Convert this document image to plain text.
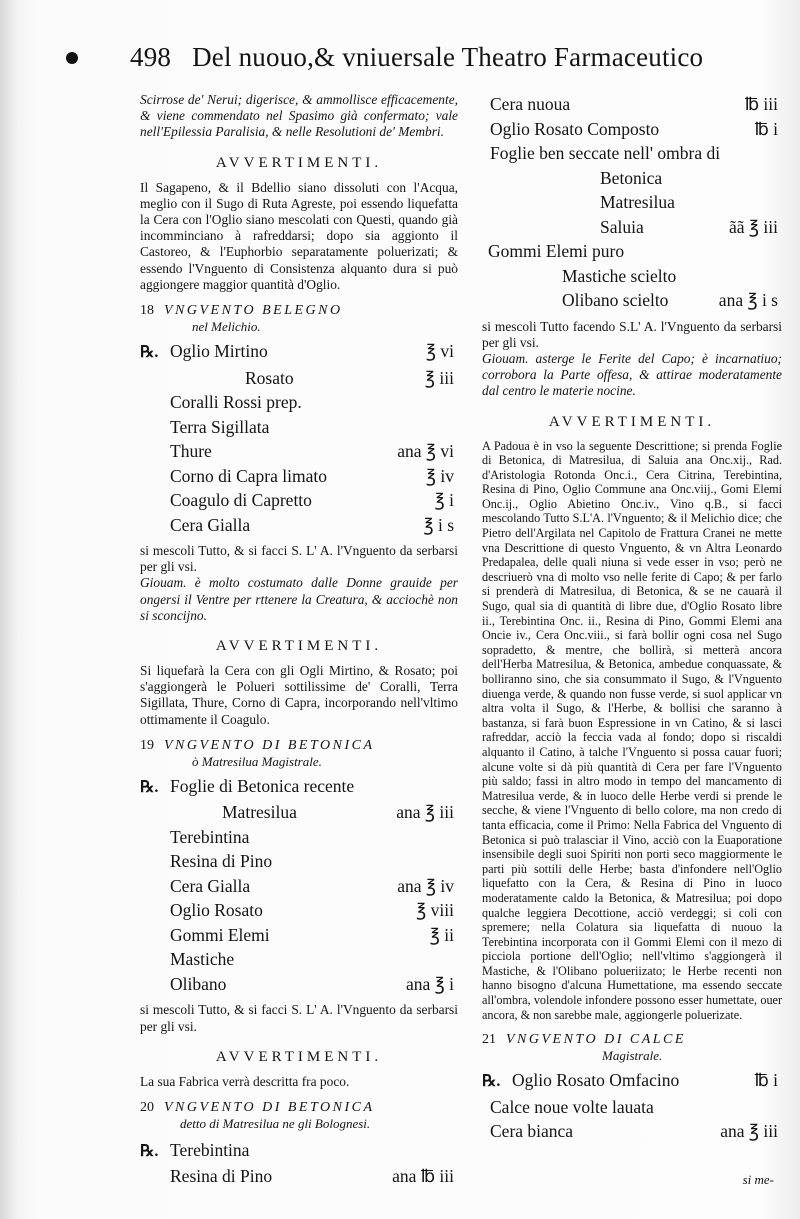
498 Del nuouo,& vniuersale Theatro Farmaceutico

Scirrose de' Nerui; digerisce, & ammollisce efficacemente, & viene commendato nel Spasimo già confermato; vale nell'Epilessia Paralisia, & nelle Resolutioni de' Membri.

AVVERTIMENTI.

Il Sagapeno, & il Bdellio siano dissoluti con l'Acqua, meglio con il Sugo di Ruta Agreste, poi essendo liquefatta la Cera con l'Oglio siano mescolati con Questi, quando già incomminciano à rafreddarsi; dopo sia aggionto il Castoreo, & l'Euphorbio separatamente poluerizati; & essendo l'Vnguento di Consistenza alquanto dura si può aggiongere maggior quantità d'Oglio.

18 VNGVENTO BELEGNO
nel Melichio.
℞. Oglio Mirtino	℥ vi
Rosato	℥ iii
Coralli Rossi prep.
Terra Sigillata
Thure	ana ℥ vi
Corno di Capra limato	℥ iv
Coagulo di Capretto	℥ i
Cera Gialla	℥ i s

si mescoli Tutto, & si facci S. L' A. l'Vnguento da serbarsi per gli vsi.

Giouam. è molto costumato dalle Donne grauide per ongersi il Ventre per rttenere la Creatura, & acciochè non si sconcijno.

AVVERTIMENTI.

Si liquefarà la Cera con gli Ogli Mirtino, & Rosato; poi s'aggiongerà le Polueri sottilissime de' Coralli, Terra Sigillata, Thure, Corno di Capra, incorporando nell'vltimo ottimamente il Coagulo.

19 VNGVENTO DI BETONICA
ò Matresilua Magistrale.
℞. Foglie di Betonica recente
Matresilua	ana ℥ iii
Terebintina
Resina di Pino
Cera Gialla	ana ℥ iv
Oglio Rosato	℥ viii
Gommi Elemi	℥ ii
Mastiche
Olibano	ana ℥ i

si mescoli Tutto, & si facci S. L' A. l'Vnguento da serbarsi per gli vsi.

AVVERTIMENTI.

La sua Fabrica verrà descritta fra poco.

20 VNGVENTO DI BETONICA
detto di Matresilua ne gli Bolognesi.
℞. Terebintina
Resina di Pino	ana ℔ iii
Cera nuoua	℔ iii
Oglio Rosato Composto	℔ i
Foglie ben seccate nell' ombra di
Betonica
Matresilua
Saluia	ãã ℥ iii
Gommi Elemi puro
Mastiche scielto
Olibano scielto	ana ℥ i s

si mescoli Tutto facendo S.L' A. l'Vnguento da serbarsi per gli vsi.

Giouam. asterge le Ferite del Capo; è incarnatiuo; corrobora la Parte offesa, & attirae moderatamente dal centro le materie nocine.

AVVERTIMENTI.

A Padoua è in vso la seguente Descrittione; si prenda Foglie di Betonica, di Matresilua, di Saluia ana Onc.xij., Rad. d'Aristologia Rotonda Onc.i., Cera Citrina, Terebintina, Resina di Pino, Oglio Commune ana Onc.viij., Gomi Elemi Onc.ij., Oglio Abietino Onc.iv., Vino q.B., si facci mescolando Tutto S.L'A. l'Vnguento; & il Melichio dice; che Pietro dell'Argilata nel Capitolo de Frattura Cranei ne mette vna Descrittione di questo Vnguento, & vn Altra Leonardo Predapalea, delle quali niuna si vede esser in vso; però ne descriuerò vna di molto vso nelle ferite di Capo; & per farlo si prenderà di Matresilua, di Betonica, & se ne cauarà il Sugo, qual sia di quantità di libre due, d'Oglio Rosato libre ii., Terebintina Onc. ii., Resina di Pino, Gommi Elemi ana Oncie iv., Cera Onc.viii., si farà bollir ogni cosa nel Sugo sopradetto, & mentre, che bollirà, si metterà ancora dell'Herba Matresilua, & Betonica, ambedue conquassate, & bolliranno sino, che sia consummato il Sugo, & l'Vnguento diuenga verde, & quando non fusse verde, si suol applicar vn altra volta il Sugo, & l'Herbe, & bollisi che saranno à bastanza, si farà buon Espressione in vn Catino, & si lasci rafreddar, acciò la feccia vada al fondo; dopo si riscaldi alquanto il Catino, à talche l'Vnguento si possa cauar fuori; alcune volte si dà più quantità di Cera per fare l'Vnguento più saldo; fassi in altro modo in tempo del mancamento di Matresilua verde, & in luoco delle Herbe verdi si prende le secche, & viene l'Vnguento di bello colore, ma non credo di tanta efficacia, come il Primo: Nella Fabrica del Vnguento di Betonica si può tralasciar il Vino, acciò con la Euaporatione insensibile degli suoi Spiriti non porti seco maggiormente le parti più sottili delle Herbe; basta d'infondere nell'Oglio liquefatto con la Cera, & Resina di Pino in luoco moderatamente caldo la Betonica, & Matresilua; poi dopo qualche leggiera Decottione, acciò verdeggi; si coli con spremere; nella Colatura sia liquefatta di nuouo la Terebintina incorporata con il Gommi Elemi con il mezo di picciola portione dell'Oglio; nell'vltimo s'aggiongerà il Mastiche, & l'Olibano polueriizato; le Herbe recenti non hanno bisogno d'alcuna Humettatione, ma essendo seccate all'ombra, volendole infondere possono esser humettate, ouer ancora, & non sarebbe male, aggiongerle poluerizate.

21 VNGVENTO DI CALCE
Magistrale.
℞. Oglio Rosato Omfacino	℔ i
Calce noue volte lauata
Cera bianca	ana ℥ iii
si me-
